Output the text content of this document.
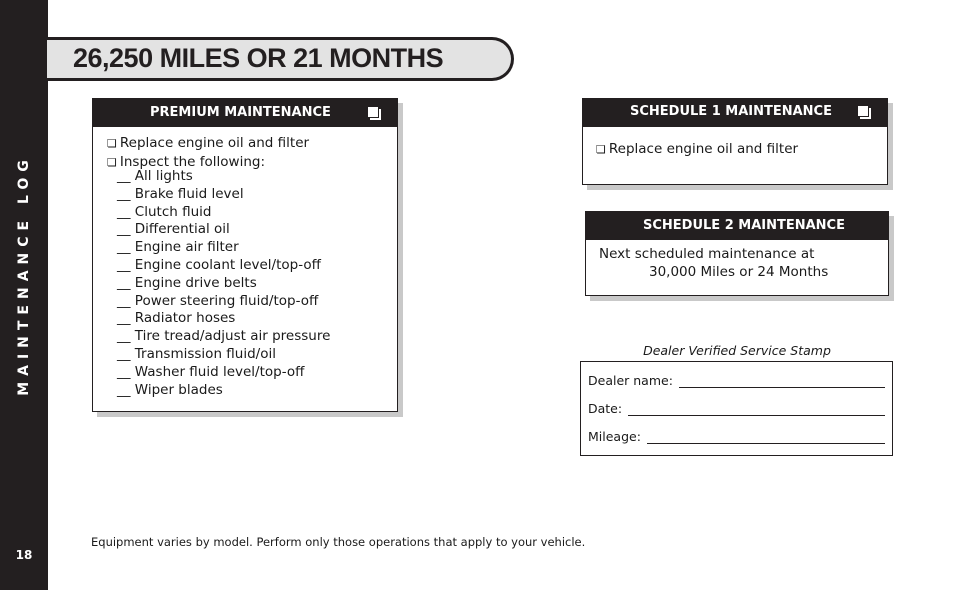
MAINTENANCE LOG
18
26,250 MILES OR 21 MONTHS
PREMIUM MAINTENANCE
❏ Replace engine oil and filter
❏ Inspect the following:
__ All lights
__ Brake fluid level
__ Clutch fluid
__ Differential oil
__ Engine air filter
__ Engine coolant level/top-off
__ Engine drive belts
__ Power steering fluid/top-off
__ Radiator hoses
__ Tire tread/adjust air pressure
__ Transmission fluid/oil
__ Washer fluid level/top-off
__ Wiper blades
SCHEDULE 1 MAINTENANCE
❏ Replace engine oil and filter
SCHEDULE 2 MAINTENANCE
Next scheduled maintenance at
30,000 Miles or 24 Months
Dealer Verified Service Stamp
Dealer name:
Date:
Mileage:
Equipment varies by model. Perform only those operations that apply to your vehicle.
